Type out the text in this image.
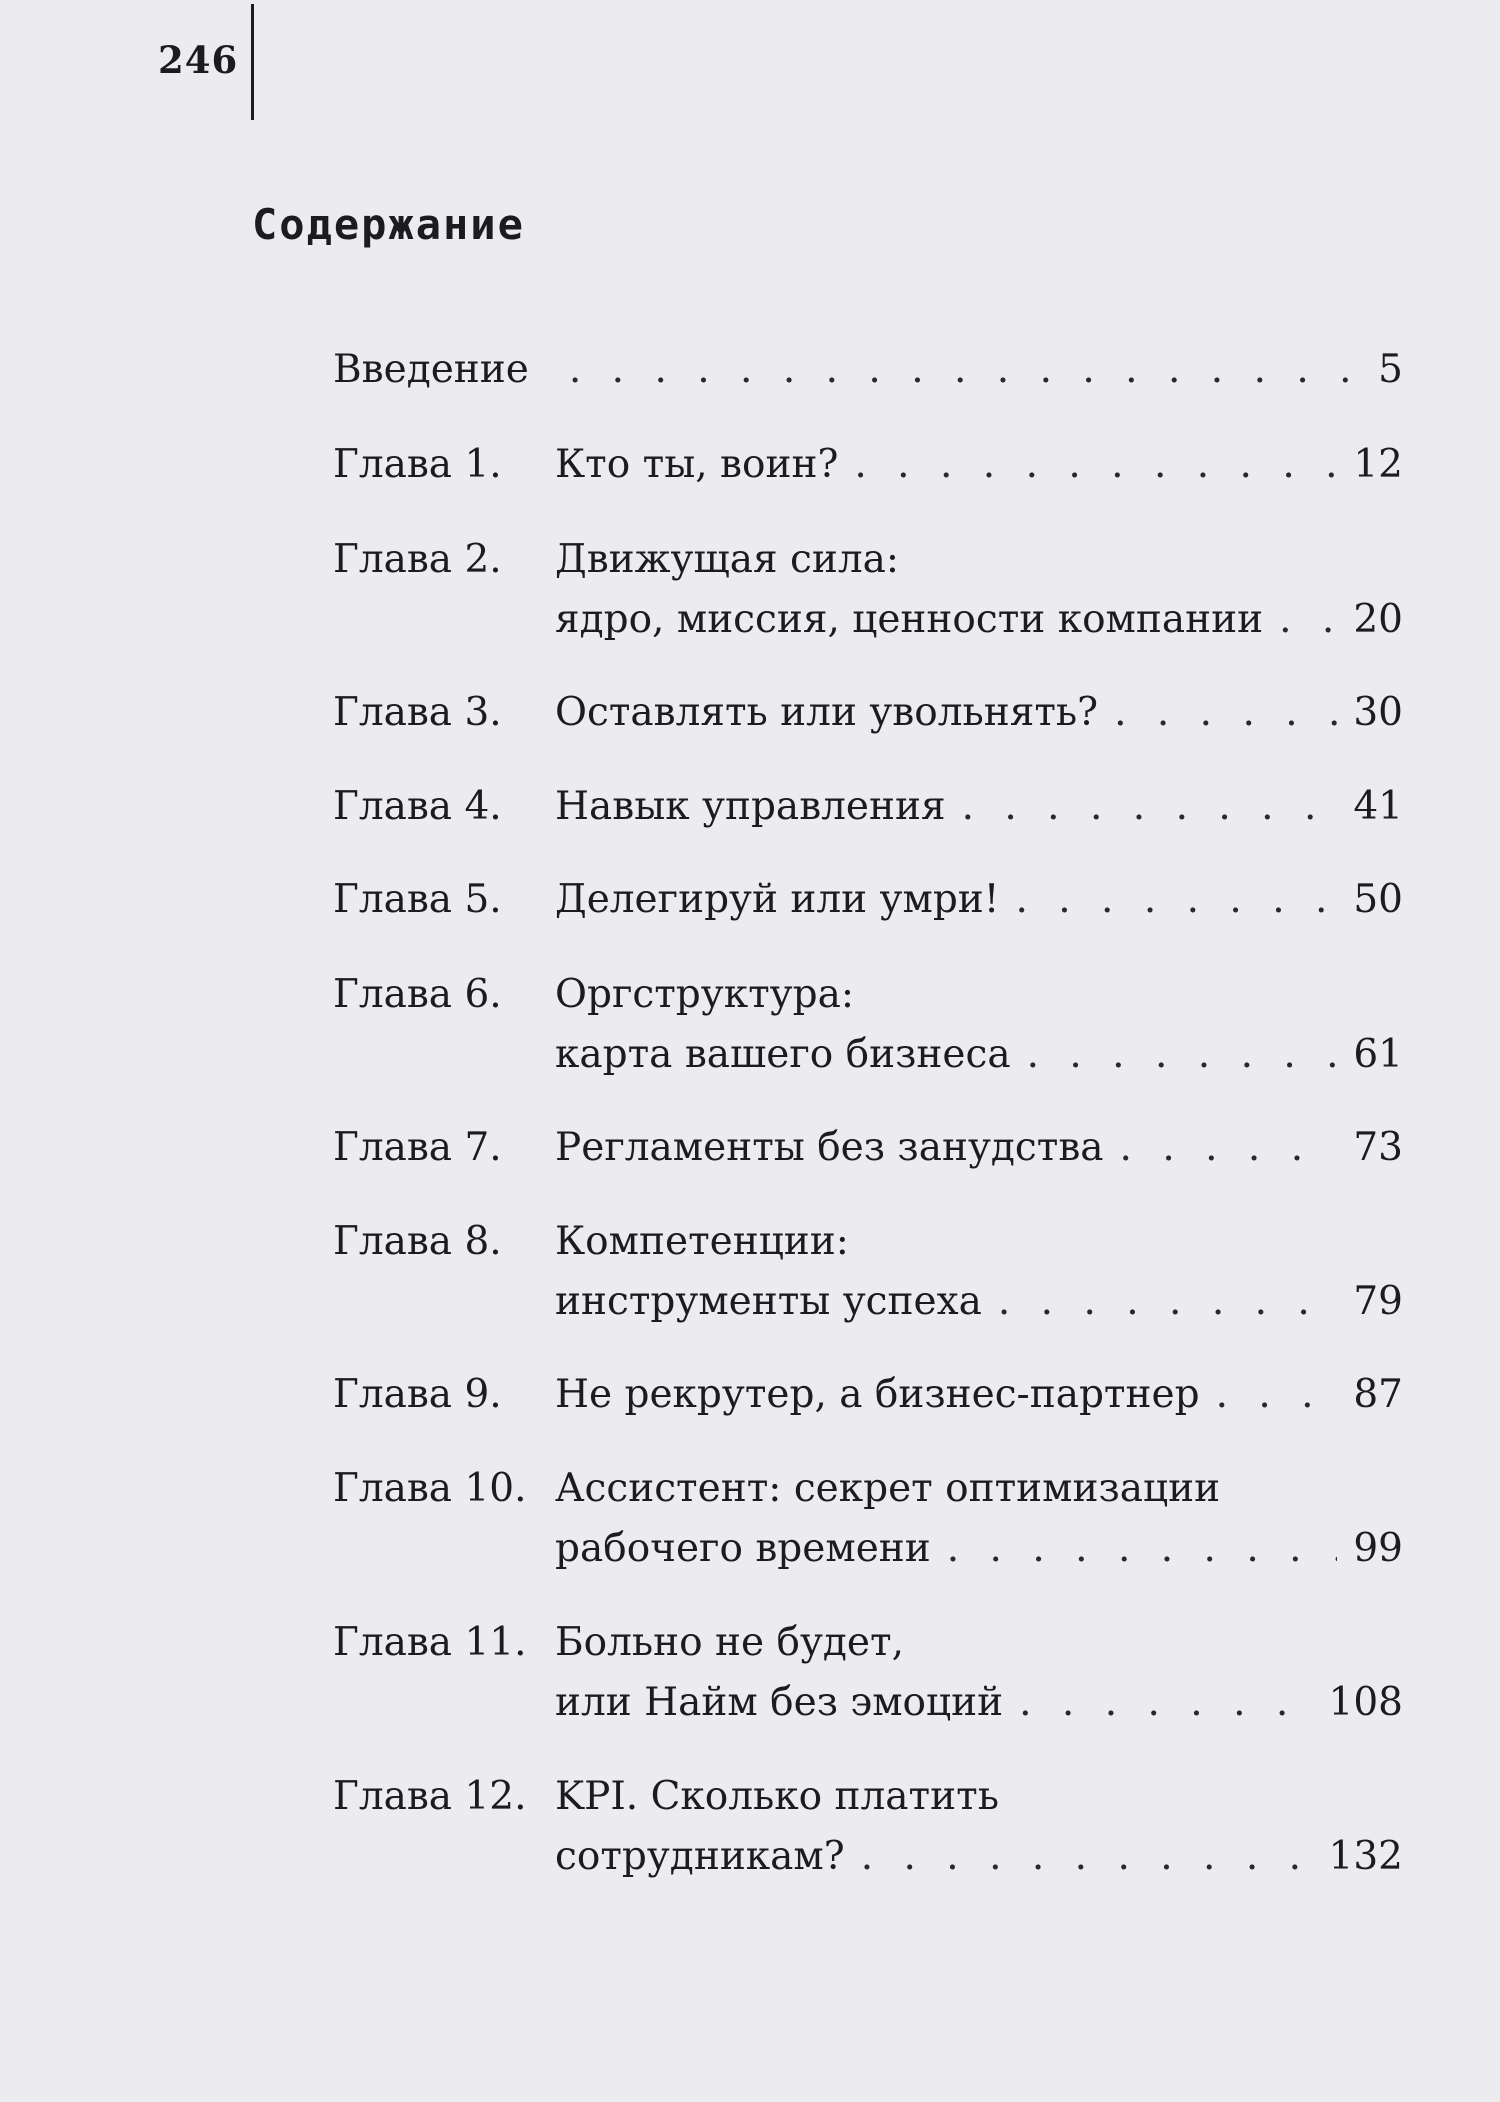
246
Содержание
Введение . . .	5
Глава 1. Кто ты, воин? . . .	12
Глава 2. Движущая сила:
ядро, миссия, ценности компании . . . 20
Глава 3. Оставлять или увольнять? . . .	30
Глава 4. Навык управления . . .	41
Глава 5. Делегируй или умри! . . .	50
Глава 6. Оргструктура:
карта вашего бизнеса . . .	61
Глава 7. Регламенты без занудства . . .	73
Глава 8. Компетенции:
инструменты успеха . . .	79
Глава 9. Не рекрутер, а бизнес-партнер . . .	87
Глава 10. Ассистент: секрет оптимизации
рабочего времени . . .	99
Глава 11. Больно не будет,
или Найм без эмоций . . .	108
Глава 12. KPI. Сколько платить
сотрудникам? . . .	132
